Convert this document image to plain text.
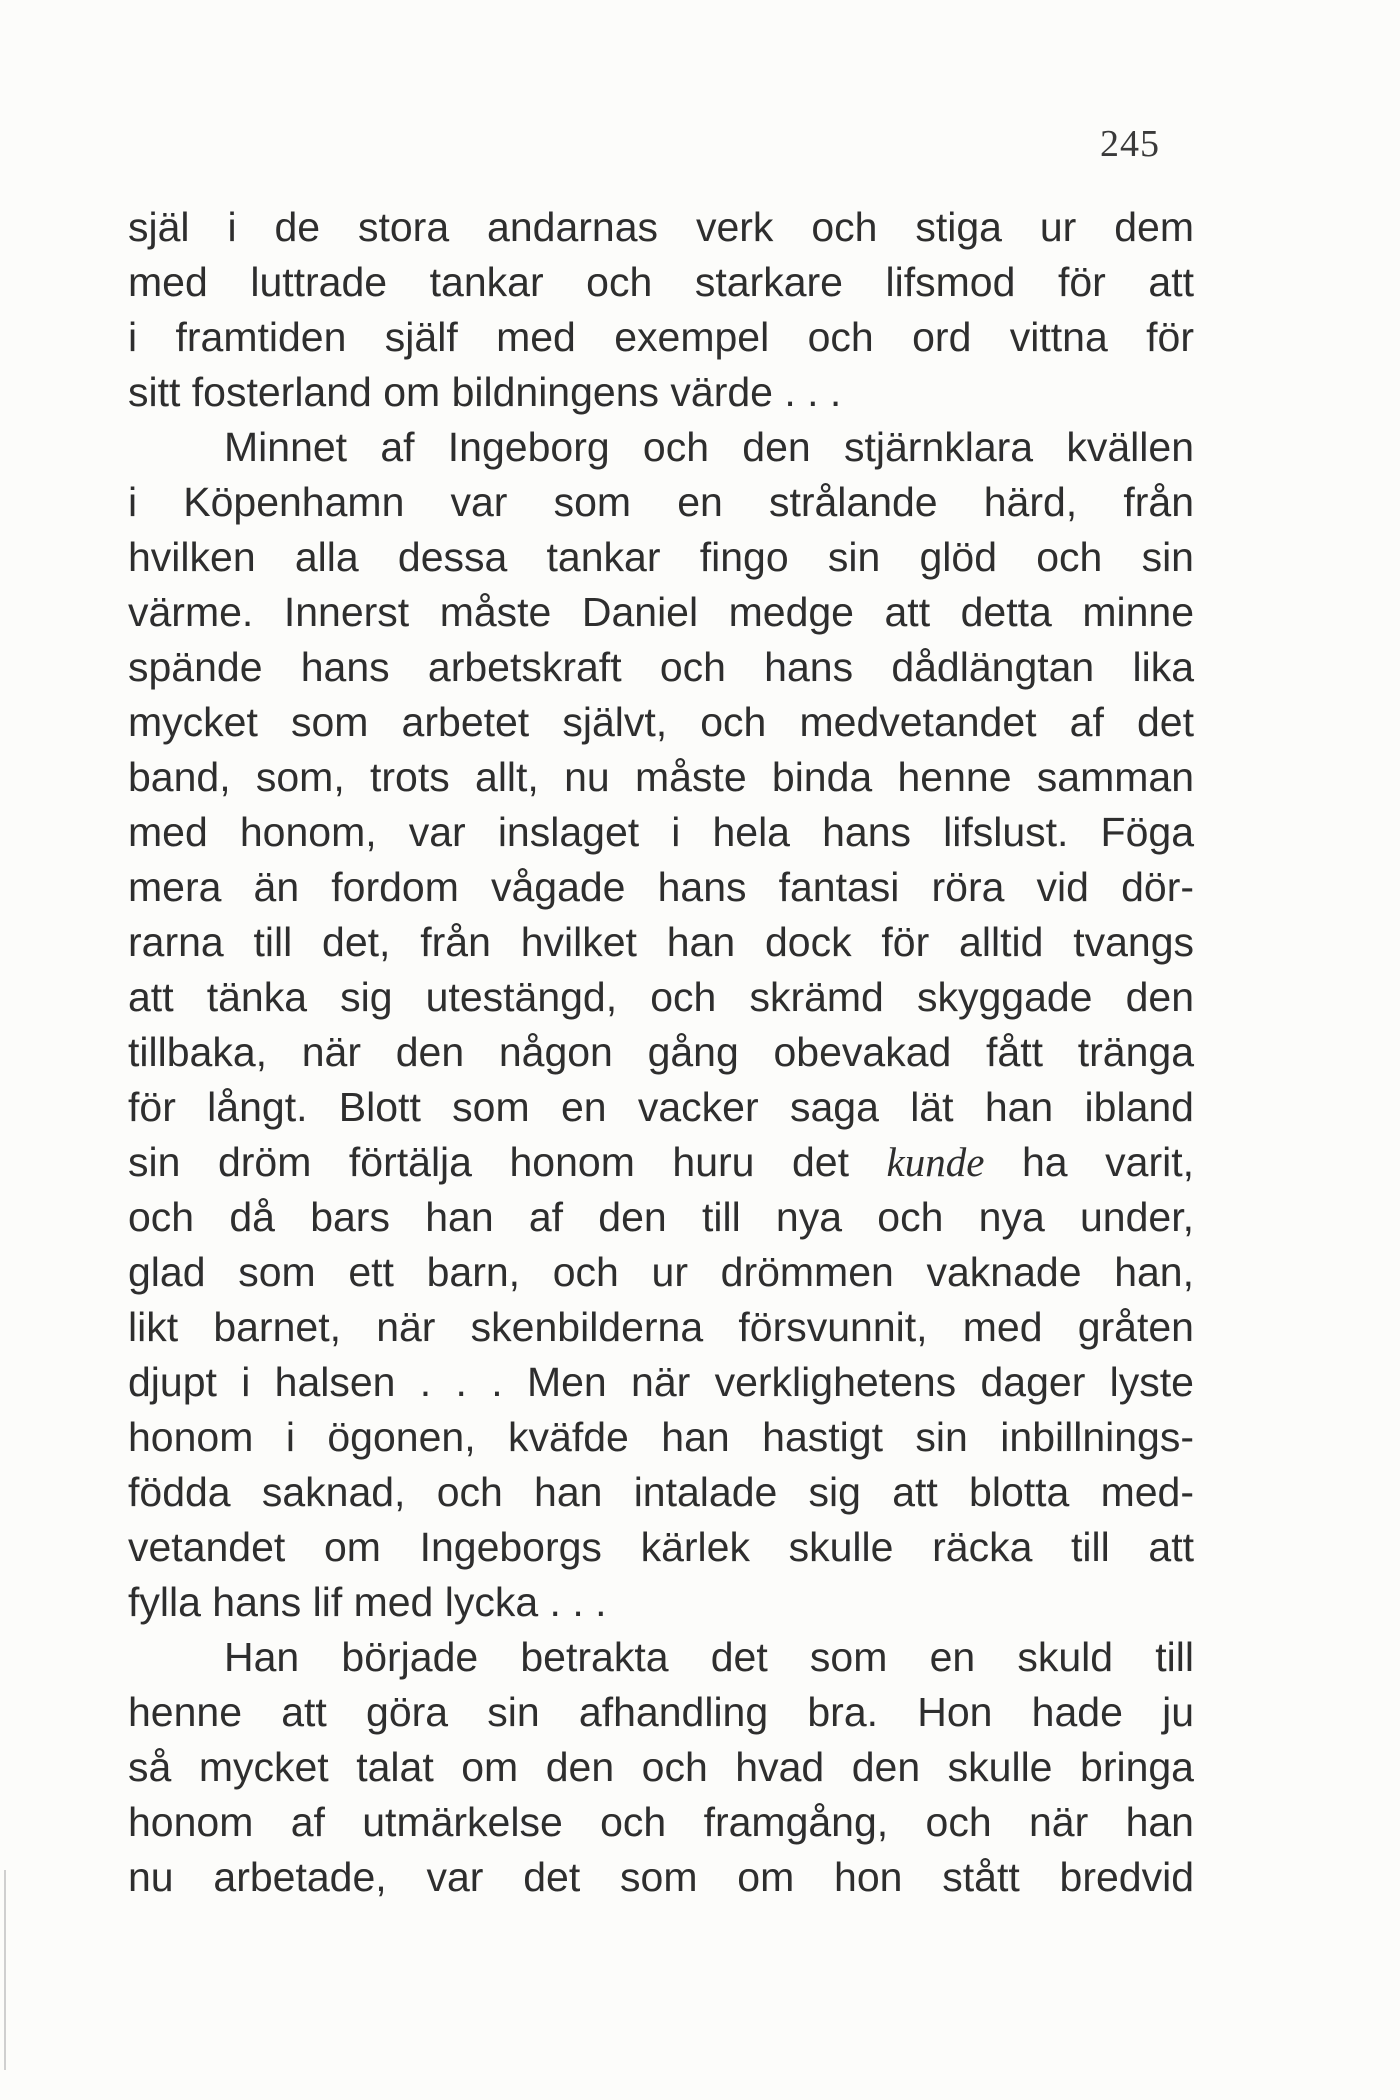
245
själ i de stora andarnas verk och stiga ur dem
med luttrade tankar och starkare lifsmod för att
i framtiden själf med exempel och ord vittna för
sitt fosterland om bildningens värde . . .
Minnet af Ingeborg och den stjärnklara kvällen
i Köpenhamn var som en strålande härd, från
hvilken alla dessa tankar fingo sin glöd och sin
värme. Innerst måste Daniel medge att detta minne
spände hans arbetskraft och hans dådlängtan lika
mycket som arbetet självt, och medvetandet af det
band, som, trots allt, nu måste binda henne samman
med honom, var inslaget i hela hans lifslust. Föga
mera än fordom vågade hans fantasi röra vid dör-
rarna till det, från hvilket han dock för alltid tvangs
att tänka sig utestängd, och skrämd skyggade den
tillbaka, när den någon gång obevakad fått tränga
för långt. Blott som en vacker saga lät han ibland
sin dröm förtälja honom huru det kunde ha varit,
och då bars han af den till nya och nya under,
glad som ett barn, och ur drömmen vaknade han,
likt barnet, när skenbilderna försvunnit, med gråten
djupt i halsen . . . Men när verklighetens dager lyste
honom i ögonen, kväfde han hastigt sin inbillnings-
födda saknad, och han intalade sig att blotta med-
vetandet om Ingeborgs kärlek skulle räcka till att
fylla hans lif med lycka . . .
Han började betrakta det som en skuld till
henne att göra sin afhandling bra. Hon hade ju
så mycket talat om den och hvad den skulle bringa
honom af utmärkelse och framgång, och när han
nu arbetade, var det som om hon stått bredvid
